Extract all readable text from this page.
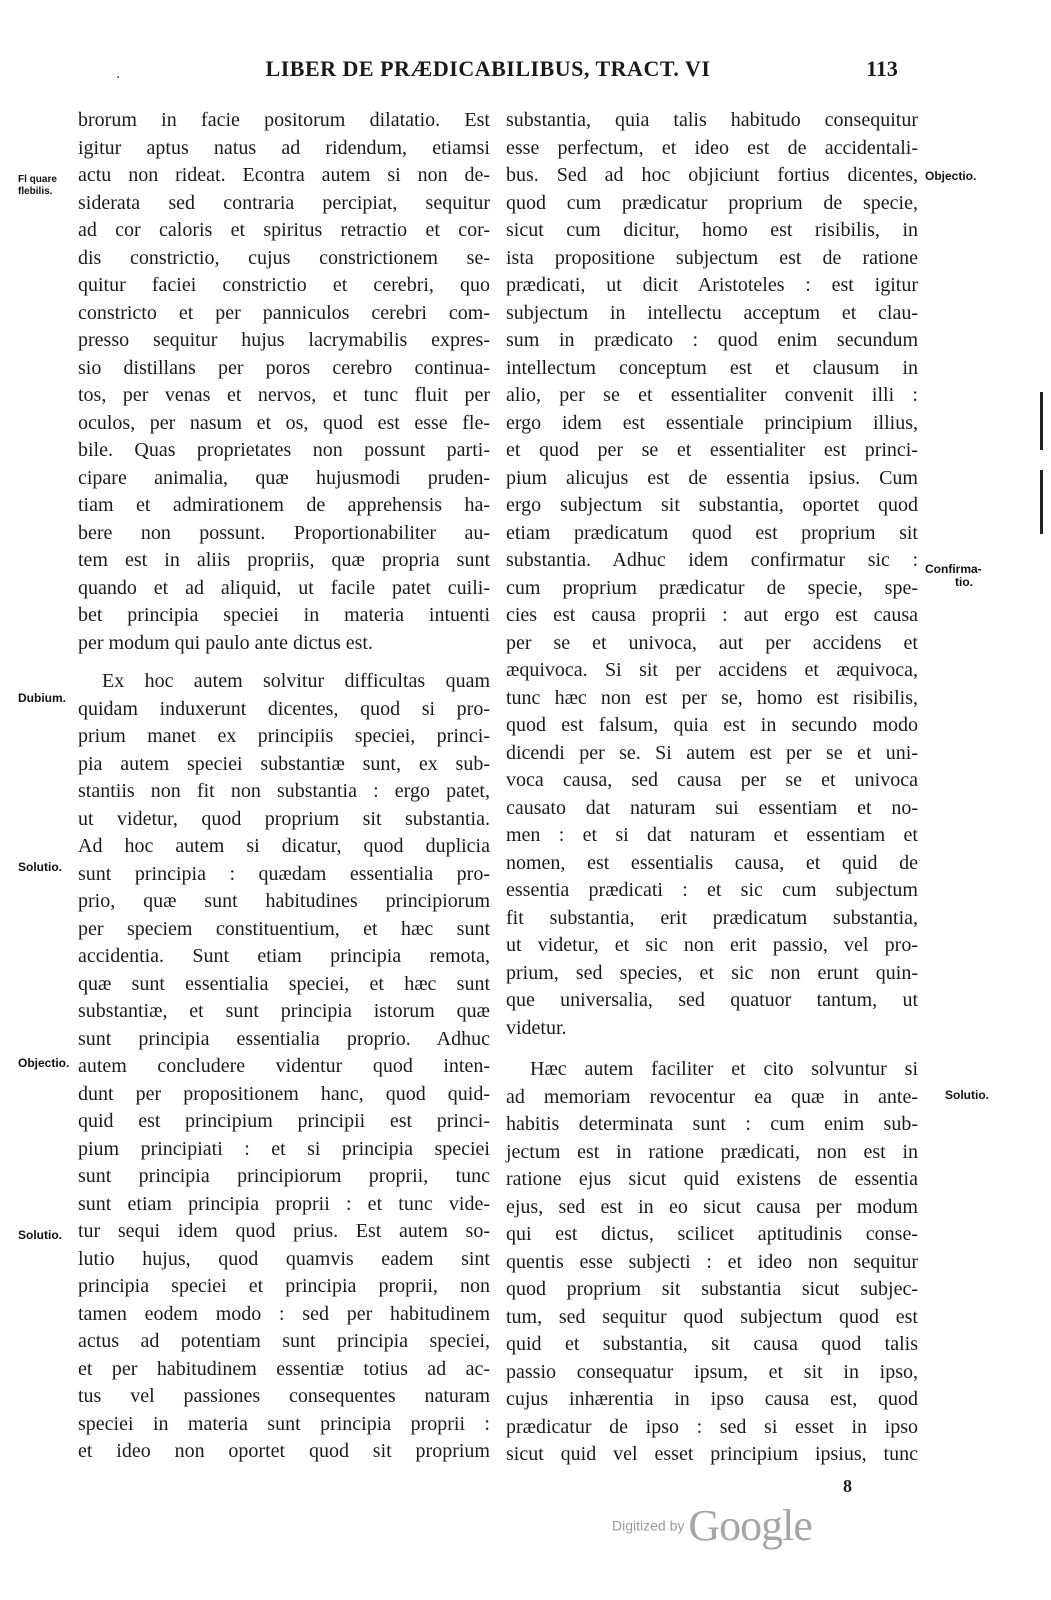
·	LIBER DE PRÆDICABILIBUS, TRACT. VI	113
brorum in facie positorum dilatatio. Est
igitur aptus natus ad ridendum, etiamsi
actu non rideat. Econtra autem si non de-
siderata sed contraria percipiat, sequitur
ad cor caloris et spiritus retractio et cor-
dis constrictio, cujus constrictionem se-
quitur faciei constrictio et cerebri, quo
constricto et per panniculos cerebri com-
presso sequitur hujus lacrymabilis expres-
sio distillans per poros cerebro continua-
tos, per venas et nervos, et tunc fluit per
oculos, per nasum et os, quod est esse fle-
bile. Quas proprietates non possunt parti-
cipare animalia, quæ hujusmodi pruden-
tiam et admirationem de apprehensis ha-
bere non possunt. Proportionabiliter au-
tem est in aliis propriis, quæ propria sunt
quando et ad aliquid, ut facile patet cuili-
bet principia speciei in materia intuenti
per modum qui paulo ante dictus est.
Ex hoc autem solvitur difficultas quam
quidam induxerunt dicentes, quod si pro-
prium manet ex principiis speciei, princi-
pia autem speciei substantiæ sunt, ex sub-
stantiis non fit non substantia : ergo patet,
ut videtur, quod proprium sit substantia.
Ad hoc autem si dicatur, quod duplicia
sunt principia : quædam essentialia pro-
prio, quæ sunt habitudines principiorum
per speciem constituentium, et hæc sunt
accidentia. Sunt etiam principia remota,
quæ sunt essentialia speciei, et hæc sunt
substantiæ, et sunt principia istorum quæ
sunt principia essentialia proprio. Adhuc
autem concludere videntur quod inten-
dunt per propositionem hanc, quod quid-
quid est principium principii est princi-
pium principiati : et si principia speciei
sunt principia principiorum proprii, tunc
sunt etiam principia proprii : et tunc vide-
tur sequi idem quod prius. Est autem so-
lutio hujus, quod quamvis eadem sint
principia speciei et principia proprii, non
tamen eodem modo : sed per habitudinem
actus ad potentiam sunt principia speciei,
et per habitudinem essentiæ totius ad ac-
tus vel passiones consequentes naturam
speciei in materia sunt principia proprii :
et ideo non oportet quod sit proprium
substantia, quia talis habitudo consequitur
esse perfectum, et ideo est de accidentali-
bus. Sed ad hoc objiciunt fortius dicentes,
quod cum prædicatur proprium de specie,
sicut cum dicitur, homo est risibilis, in
ista propositione subjectum est de ratione
prædicati, ut dicit Aristoteles : est igitur
subjectum in intellectu acceptum et clau-
sum in prædicato : quod enim secundum
intellectum conceptum est et clausum in
alio, per se et essentialiter convenit illi :
ergo idem est essentiale principium illius,
et quod per se et essentialiter est princi-
pium alicujus est de essentia ipsius. Cum
ergo subjectum sit substantia, oportet quod
etiam prædicatum quod est proprium sit
substantia. Adhuc idem confirmatur sic :
cum proprium prædicatur de specie, spe-
cies est causa proprii : aut ergo est causa
per se et univoca, aut per accidens et
æquivoca. Si sit per accidens et æquivoca,
tunc hæc non est per se, homo est risibilis,
quod est falsum, quia est in secundo modo
dicendi per se. Si autem est per se et uni-
voca causa, sed causa per se et univoca
causato dat naturam sui essentiam et no-
men : et si dat naturam et essentiam et
nomen, est essentialis causa, et quid de
essentia prædicati : et sic cum subjectum
fit substantia, erit prædicatum substantia,
ut videtur, et sic non erit passio, vel pro-
prium, sed species, et sic non erunt quin-
que universalia, sed quatuor tantum, ut
videtur.
Hæc autem faciliter et cito solvuntur si
ad memoriam revocentur ea quæ in ante-
habitis determinata sunt : cum enim sub-
jectum est in ratione prædicati, non est in
ratione ejus sicut quid existens de essentia
ejus, sed est in eo sicut causa per modum
qui est dictus, scilicet aptitudinis conse-
quentis esse subjecti : et ideo non sequitur
quod proprium sit substantia sicut subjec-
tum, sed sequitur quod subjectum quod est
quid et substantia, sit causa quod talis
passio consequatur ipsum, et sit in ipso,
cujus inhærentia in ipso causa est, quod
prædicatur de ipso : sed si esset in ipso
sicut quid vel esset principium ipsius, tunc
Fl quare
flebilis.
Dubium.
Solutio.
Objectio.
Solutio.
Objectio.
Confirma-
tio.
Solutio.
8
Digitized by Google
